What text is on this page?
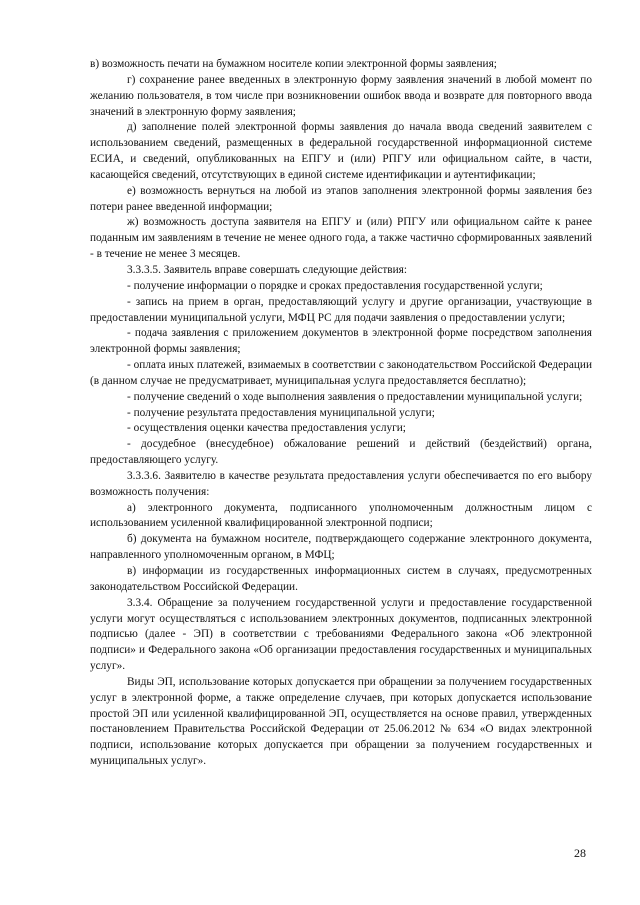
в) возможность печати на бумажном носителе копии электронной формы заявления;

г) сохранение ранее введенных в электронную форму заявления значений в любой момент по желанию пользователя, в том числе при возникновении ошибок ввода и возврате для повторного ввода значений в электронную форму заявления;

д) заполнение полей электронной формы заявления до начала ввода сведений заявителем с использованием сведений, размещенных в федеральной государственной информационной системе ЕСИА, и сведений, опубликованных на ЕПГУ и (или) РПГУ или официальном сайте, в части, касающейся сведений, отсутствующих в единой системе идентификации и аутентификации;

е) возможность вернуться на любой из этапов заполнения электронной формы заявления без потери ранее введенной информации;

ж) возможность доступа заявителя на ЕПГУ и (или) РПГУ или официальном сайте к ранее поданным им заявлениям в течение не менее одного года, а также частично сформированных заявлений - в течение не менее 3 месяцев.

3.3.3.5. Заявитель вправе совершать следующие действия:

- получение информации о порядке и сроках предоставления государственной услуги;

- запись на прием в орган, предоставляющий услугу и другие организации, участвующие в предоставлении муниципальной услуги, МФЦ РС для подачи заявления о предоставлении услуги;

- подача заявления с приложением документов в электронной форме посредством заполнения электронной формы заявления;

- оплата иных платежей, взимаемых в соответствии с законодательством Российской Федерации (в данном случае не предусматривает, муниципальная услуга предоставляется бесплатно);

- получение сведений о ходе выполнения заявления о предоставлении муниципальной услуги;

- получение результата предоставления муниципальной услуги;

- осуществления оценки качества предоставления услуги;

- досудебное (внесудебное) обжалование решений и действий (бездействий) органа, предоставляющего услугу.

3.3.3.6. Заявителю в качестве результата предоставления услуги обеспечивается по его выбору возможность получения:

а) электронного документа, подписанного уполномоченным должностным лицом с использованием усиленной квалифицированной электронной подписи;

б) документа на бумажном носителе, подтверждающего содержание электронного документа, направленного уполномоченным органом, в МФЦ;

в) информации из государственных информационных систем в случаях, предусмотренных законодательством Российской Федерации.

3.3.4. Обращение за получением государственной услуги и предоставление государственной услуги могут осуществляться с использованием электронных документов, подписанных электронной подписью (далее - ЭП) в соответствии с требованиями Федерального закона «Об электронной подписи» и Федерального закона «Об организации предоставления государственных и муниципальных услуг».

Виды ЭП, использование которых допускается при обращении за получением государственных услуг в электронной форме, а также определение случаев, при которых допускается использование простой ЭП или усиленной квалифицированной ЭП, осуществляется на основе правил, утвержденных постановлением Правительства Российской Федерации от 25.06.2012 № 634 «О видах электронной подписи, использование которых допускается при обращении за получением государственных и муниципальных услуг».

28
